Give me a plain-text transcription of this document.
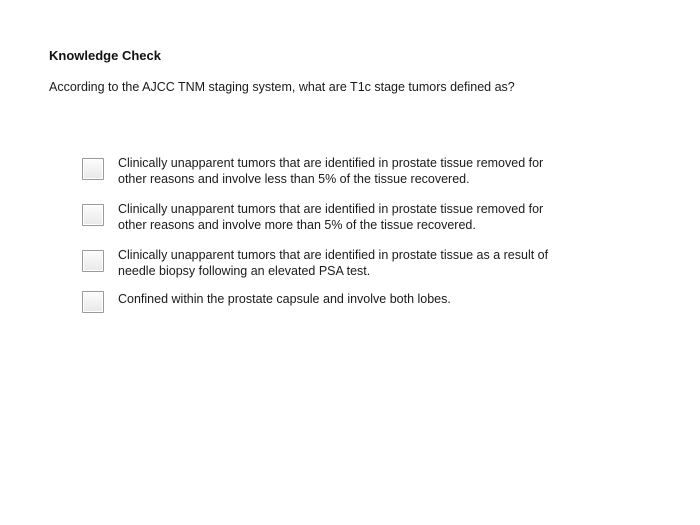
Knowledge Check
According to the AJCC TNM staging system, what are T1c stage tumors defined as?
Clinically unapparent tumors that are identified in prostate tissue removed for
other reasons and involve less than 5% of the tissue recovered.
Clinically unapparent tumors that are identified in prostate tissue removed for
other reasons and involve more than 5% of the tissue recovered.
Clinically unapparent tumors that are identified in prostate tissue as a result of
needle biopsy following an elevated PSA test.
Confined within the prostate capsule and involve both lobes.
